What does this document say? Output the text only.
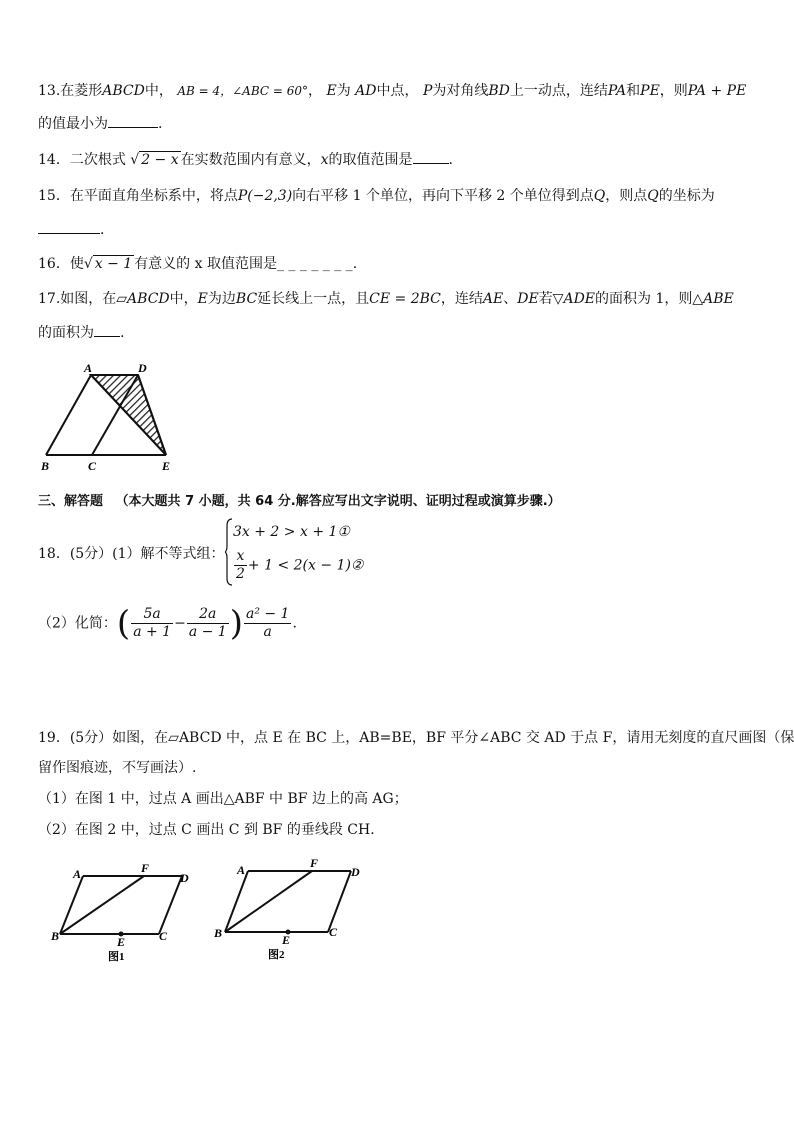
13.在菱形ABCD中， AB = 4，∠ABC = 60°， E为 AD中点， P为对角线BD上一动点，连结PA和PE，则PA + PE
的值最小为	.
14．二次根式 √ 2 − x 在实数范围内有意义，x的取值范围是	.
15．在平面直角坐标系中，将点P(−2,3)向右平移 1 个单位，再向下平移 2 个单位得到点Q，则点Q的坐标为
.
16．使√ x − 1 有意义的 x 取值范围是_ _ _ _ _ _ _.
17.如图，在▱ABCD中，E为边BC延长线上一点，且CE = 2BC，连结AE、DE若▽ADE的面积为 1，则△ABE
的面积为 .
A	D
B	C	E
三、解答题 （本大题共 7 小题，共 64 分.解答应写出文字说明、证明过程或演算步骤.）
18．(5分）(1）解不等式组：
3x + 2 > x + 1①
$\frac{x}{2} + 1 < 2(x$ − 1)②
（2）化简：( $\frac{5a}{a + 1} - \frac{2a}{a - 1}$ ) $\frac{\text{a² − 1}}{a}$ .
19．(5分）如图，在▱ABCD 中，点 E 在 BC 上，AB=BE，BF 平分∠ABC 交 AD 于点 F，请用无刻度的直尺画图（保
留作图痕迹，不写画法）.
（1）在图 1 中，过点 A 画出△ABF 中 BF 边上的高 AG；
（2）在图 2 中，过点 C 画出 C 到 BF 的垂线段 CH.
A	F
D
B	E	C
图1
A	F
D
B	E
C
图2
